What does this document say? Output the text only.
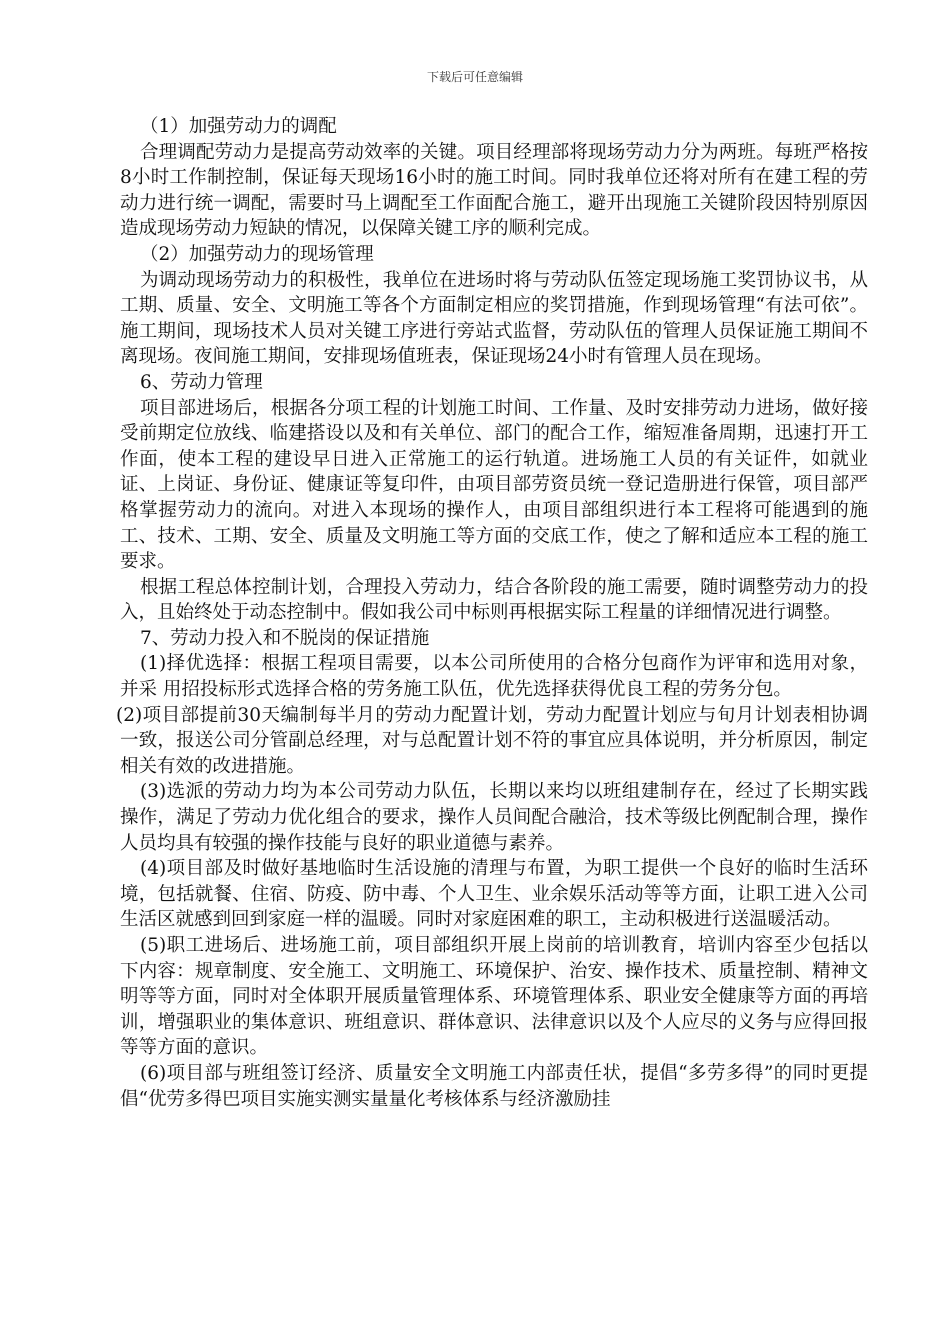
下载后可任意编辑

（1）加强劳动力的调配

合理调配劳动力是提高劳动效率的关键。项目经理部将现场劳动力分为两班。每班严格按8小时工作制控制，保证每天现场16小时的施工时间。同时我单位还将对所有在建工程的劳动力进行统一调配，需要时马上调配至工作面配合施工，避开出现施工关键阶段因特别原因造成现场劳动力短缺的情况，以保障关键工序的顺利完成。

（2）加强劳动力的现场管理

为调动现场劳动力的积极性，我单位在进场时将与劳动队伍签定现场施工奖罚协议书，从工期、质量、安全、文明施工等各个方面制定相应的奖罚措施，作到现场管理“有法可依”。施工期间，现场技术人员对关键工序进行旁站式监督，劳动队伍的管理人员保证施工期间不离现场。夜间施工期间，安排现场值班表，保证现场24小时有管理人员在现场。

6、劳动力管理

项目部进场后，根据各分项工程的计划施工时间、工作量、及时安排劳动力进场，做好接受前期定位放线、临建搭设以及和有关单位、部门的配合工作，缩短准备周期，迅速打开工作面，使本工程的建设早日进入正常施工的运行轨道。进场施工人员的有关证件，如就业证、上岗证、身份证、健康证等复印件，由项目部劳资员统一登记造册进行保管，项目部严格掌握劳动力的流向。对进入本现场的操作人，由项目部组织进行本工程将可能遇到的施工、技术、工期、安全、质量及文明施工等方面的交底工作，使之了解和适应本工程的施工要求。

根据工程总体控制计划，合理投入劳动力，结合各阶段的施工需要，随时调整劳动力的投入，且始终处于动态控制中。假如我公司中标则再根据实际工程量的详细情况进行调整。

7、劳动力投入和不脱岗的保证措施

(1)择优选择：根据工程项目需要，以本公司所使用的合格分包商作为评审和选用对象，并采 用招投标形式选择合格的劳务施工队伍，优先选择获得优良工程的劳务分包。

(2)项目部提前30天编制每半月的劳动力配置计划，劳动力配置计划应与旬月计划表相协调一致，报送公司分管副总经理，对与总配置计划不符的事宜应具体说明，并分析原因，制定相关有效的改进措施。

(3)选派的劳动力均为本公司劳动力队伍，长期以来均以班组建制存在，经过了长期实践操作，满足了劳动力优化组合的要求，操作人员间配合融洽，技术等级比例配制合理，操作人员均具有较强的操作技能与良好的职业道德与素养。

(4)项目部及时做好基地临时生活设施的清理与布置，为职工提供一个良好的临时生活环境，包括就餐、住宿、防疫、防中毒、个人卫生、业余娱乐活动等等方面，让职工进入公司生活区就感到回到家庭一样的温暖。同时对家庭困难的职工，主动积极进行送温暖活动。

(5)职工进场后、进场施工前，项目部组织开展上岗前的培训教育，培训内容至少包括以下内容：规章制度、安全施工、文明施工、环境保护、治安、操作技术、质量控制、精神文明等等方面，同时对全体职开展质量管理体系、环境管理体系、职业安全健康等方面的再培训，增强职业的集体意识、班组意识、群体意识、法律意识以及个人应尽的义务与应得回报等等方面的意识。

(6)项目部与班组签订经济、质量安全文明施工内部责任状，提倡“多劳多得”的同时更提倡“优劳多得巴项目实施实测实量量化考核体系与经济激励挂
